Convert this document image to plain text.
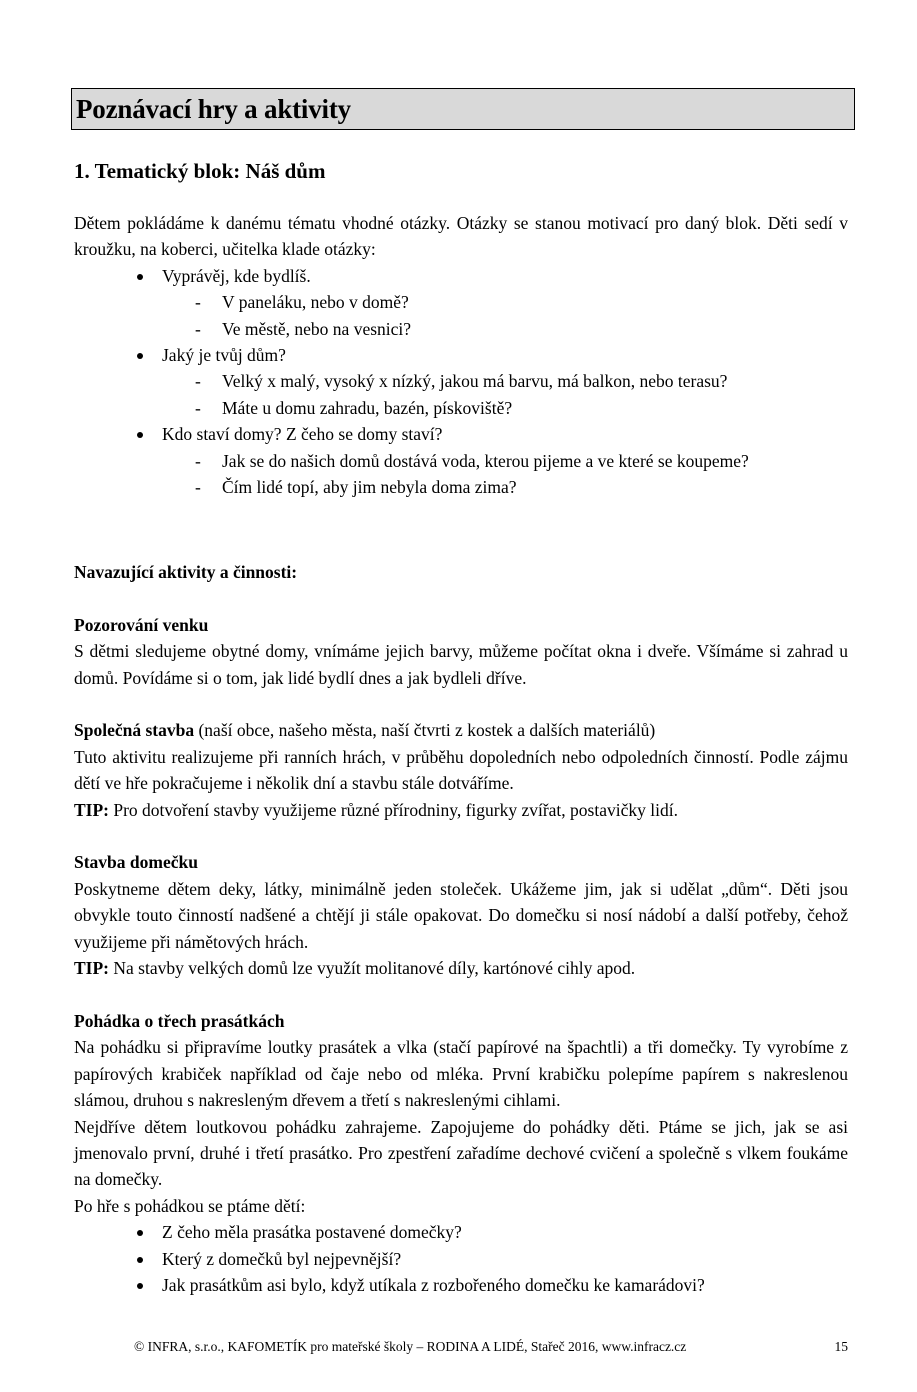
Poznávací hry a aktivity
1. Tematický blok: Náš dům

Dětem pokládáme k danému tématu vhodné otázky. Otázky se stanou motivací pro daný blok. Děti sedí v kroužku, na koberci, učitelka klade otázky:

Vyprávěj, kde bydlíš.
- V paneláku, nebo v domě?
- Ve městě, nebo na vesnici?
Jaký je tvůj dům?
- Velký x malý, vysoký x nízký, jakou má barvu, má balkon, nebo terasu?
- Máte u domu zahradu, bazén, pískoviště?
Kdo staví domy? Z čeho se domy staví?
- Jak se do našich domů dostává voda, kterou pijeme a ve které se koupeme?
- Čím lidé topí, aby jim nebyla doma zima?

Navazující aktivity a činnosti:

Pozorování venku

S dětmi sledujeme obytné domy, vnímáme jejich barvy, můžeme počítat okna i dveře. Všímáme si zahrad u domů. Povídáme si o tom, jak lidé bydlí dnes a jak bydleli dříve.

Společná stavba (naší obce, našeho města, naší čtvrti z kostek a dalších materiálů)

Tuto aktivitu realizujeme při ranních hrách, v průběhu dopoledních nebo odpoledních činností. Podle zájmu dětí ve hře pokračujeme i několik dní a stavbu stále dotváříme.

TIP: Pro dotvoření stavby využijeme různé přírodniny, figurky zvířat, postavičky lidí.

Stavba domečku

Poskytneme dětem deky, látky, minimálně jeden stoleček. Ukážeme jim, jak si udělat „dům“. Děti jsou obvykle touto činností nadšené a chtějí ji stále opakovat. Do domečku si nosí nádobí a další potřeby, čehož využijeme při námětových hrách.

TIP: Na stavby velkých domů lze využít molitanové díly, kartónové cihly apod.

Pohádka o třech prasátkách

Na pohádku si připravíme loutky prasátek a vlka (stačí papírové na špachtli) a tři domečky. Ty vyrobíme z papírových krabiček například od čaje nebo od mléka. První krabičku polepíme papírem s nakreslenou slámou, druhou s nakresleným dřevem a třetí s nakreslenými cihlami.

Nejdříve dětem loutkovou pohádku zahrajeme. Zapojujeme do pohádky děti. Ptáme se jich, jak se asi jmenovalo první, druhé i třetí prasátko. Pro zpestření zařadíme dechové cvičení a společně s vlkem foukáme na domečky.

Po hře s pohádkou se ptáme dětí:

Z čeho měla prasátka postavené domečky?
Který z domečků byl nejpevnější?
Jak prasátkům asi bylo, když utíkala z rozbořeného domečku ke kamarádovi?
© INFRA, s.r.o., KAFOMETÍK pro mateřské školy – RODINA A LIDÉ, Stařeč 2016, www.infracz.cz	15
